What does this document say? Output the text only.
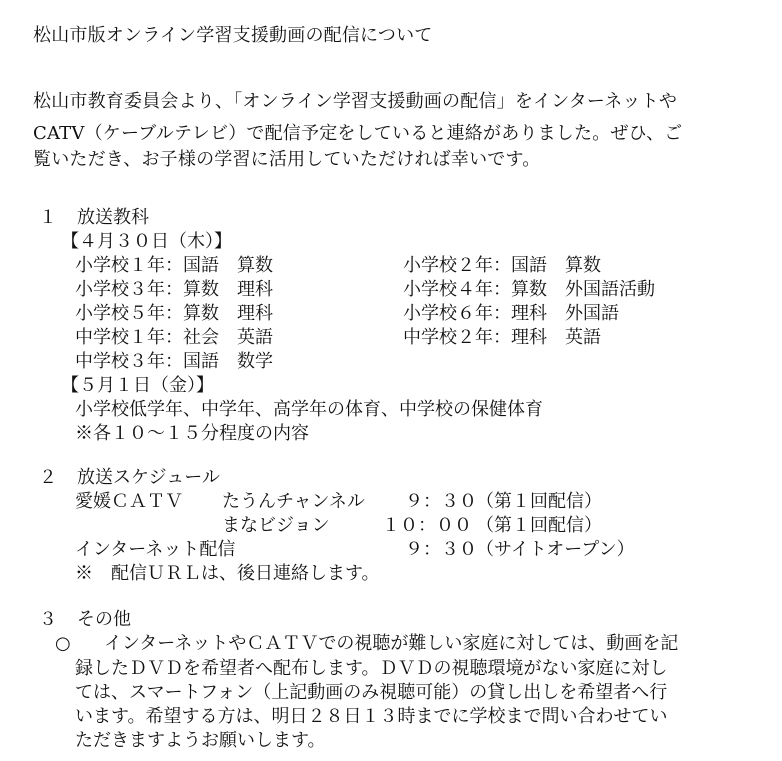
松山市版オンライン学習支援動画の配信について
松山市教育委員会より、「オンライン学習支援動画の配信」をインターネットや
CATV（ケーブルテレビ）で配信予定をしていると連絡がありました。ぜひ、ご
覧いただき、お子様の学習に活用していただければ幸いです。
１ 放送教科
【４月３０日（木）】
小学校１年：国語　算数
小学校３年：算数　理科
小学校５年：算数　理科
中学校１年：社会　英語
中学校３年：国語　数学
小学校２年：国語　算数
小学校４年：算数　外国語活動
小学校６年：理科　外国語
中学校２年：理科　英語
【５月１日（金）】
小学校低学年、中学年、高学年の体育、中学校の保健体育
※各１０～１５分程度の内容
２ 放送スケジュール
愛媛ＣＡＴＶ たうんチャンネル ９：３０ （第１回配信）
まなビジョン	１０：００ （第１回配信）
インターネット配信	９：３０ （サイトオープン）
※　配信ＵＲＬは、後日連絡します。
３ その他
○ インターネットやＣＡＴＶでの視聴が難しい家庭に対しては、動画を記
録したＤＶＤを希望者へ配布します。ＤＶＤの視聴環境がない家庭に対し
ては、スマートフォン（上記動画のみ視聴可能）の貸し出しを希望者へ行
います。希望する方は、明日２８日１３時までに学校まで問い合わせてい
ただきますようお願いします。
